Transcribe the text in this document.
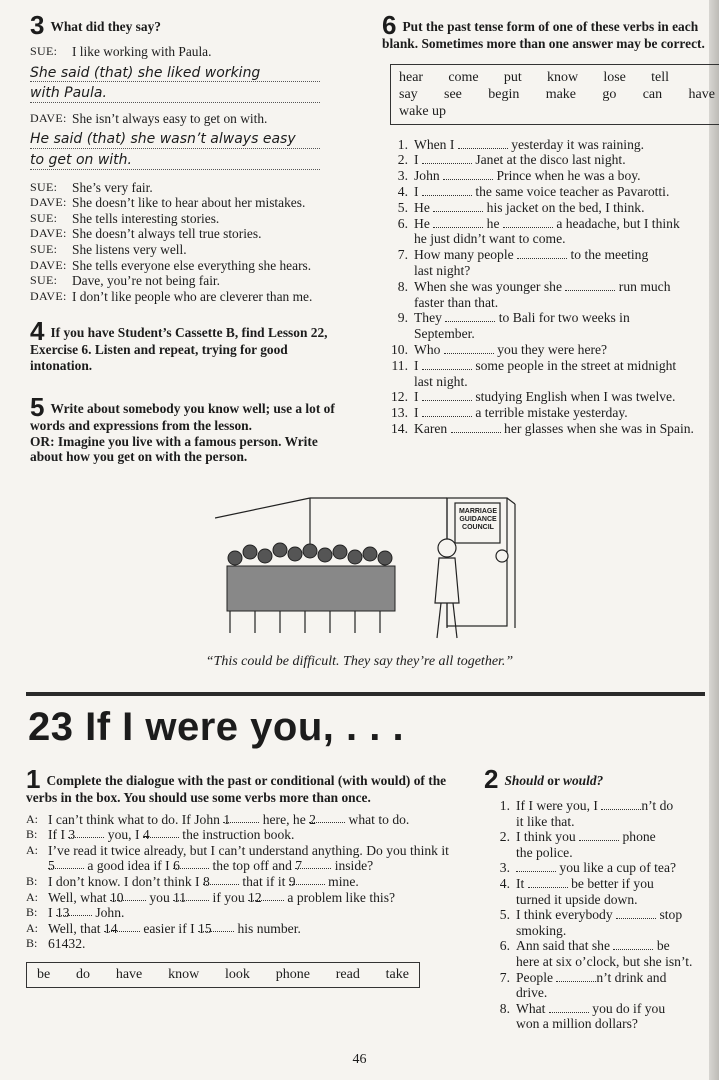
3 What did they say?
SUE:	I like working with Paula.
She said (that) she liked working
with Paula.
DAVE: She isn’t always easy to get on with.
He said (that) she wasn’t always easy
to get on with.
SUE:	She’s very fair.
DAVE: She doesn’t like to hear about her mistakes.
SUE:	She tells interesting stories.
DAVE: She doesn’t always tell true stories.
SUE:	She listens very well.
DAVE: She tells everyone else everything she hears.
SUE:	Dave, you’re not being fair.
DAVE: I don’t like people who are cleverer than me.
4 If you have Student’s Cassette B, find Lesson 22, Exercise 6. Listen and repeat, trying for good intonation.
5 Write about somebody you know well; use a lot of words and expressions from the lesson.
OR: Imagine you live with a famous person. Write about how you get on with the person.
6 Put the past tense form of one of these verbs in each blank. Sometimes more than one answer may be correct.
hear come put know lose tell
say see begin make go can have
wake up
1. When I	yesterday it was raining.
2. I	Janet at the disco last night.
3. John	Prince when he was a boy.
4. I	the same voice teacher as Pavarotti.
5. He	his jacket on the bed, I think.
6. He	he	a headache, but I think
he just didn’t want to come.
7. How many people	to the meeting
last night?
8. When she was younger she	run much
faster than that.
9. They	to Bali for two weeks in
September.
10. Who	you they were here?
11. I	some people in the street at midnight
last night.
12. I	studying English when I was twelve.
13. I	a terrible mistake yesterday.
14. Karen	her glasses when she was in Spain.
MARRIAGE GUIDANCE COUNCIL
“This could be difficult. They say they’re all together.”
23 If I were you, . . .
1 Complete the dialogue with the past or conditional (with would) of the verbs in the box. You should use some verbs more than once.
A: I can’t think what to do. If John 1 here, he 2 what to do.
B: If I 3 you, I 4 the instruction book.
A: I’ve read it twice already, but I can’t understand anything. Do you think it 5 a good idea if I 6 the top off and 7 inside?
B: I don’t know. I don’t think I 8 that if it 9 mine.
A: Well, what 10 you 11 if you 12 a problem like this?
B: I 13 John.
A: Well, that 14 easier if I 15 his number.
B: 61432.
be do have know look phone read take
2 Should or would?
1. If I were you, I	n’t do
it like that.
2. I think you	phone
the police.
3.	you like a cup of tea?
4. It	be better if you
turned it upside down.
5. I think everybody	stop
smoking.
6. Ann said that she	be
here at six o’clock, but she isn’t.
7. People	n’t drink and
drive.
8. What	you do if you
won a million dollars?
46
